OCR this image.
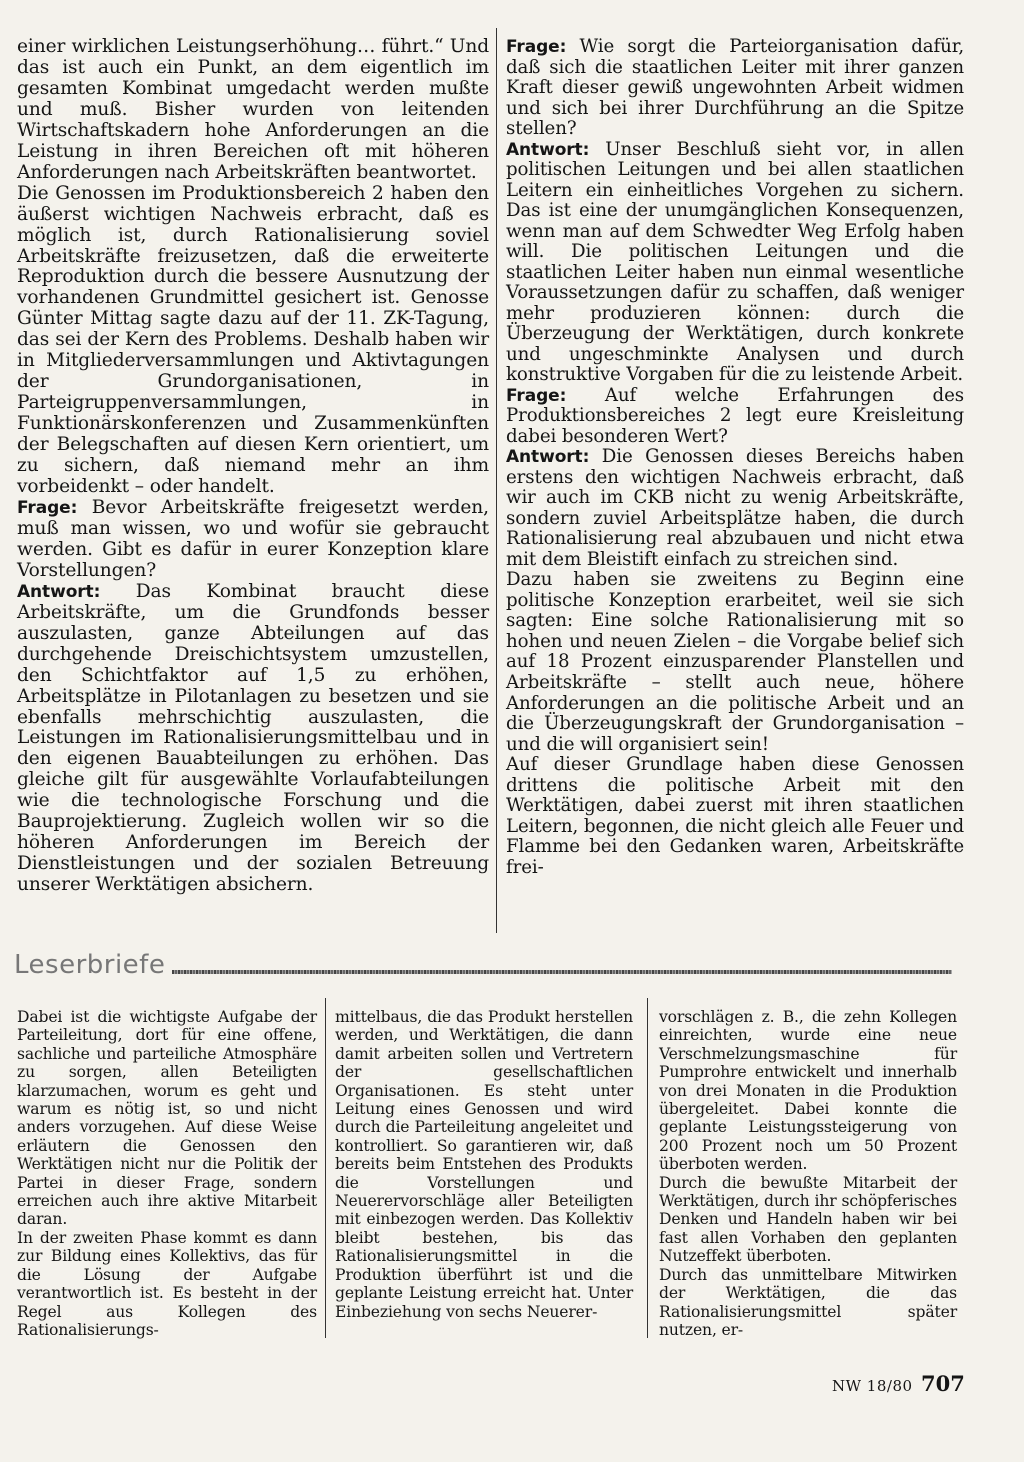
einer wirklichen Leistungserhöhung… führt.“ Und das ist auch ein Punkt, an dem eigentlich im gesamten Kombinat umgedacht werden mußte und muß. Bisher wurden von leitenden Wirtschaftskadern hohe Anforderungen an die Leistung in ihren Bereichen oft mit höheren Anforderungen nach Arbeitskräften beantwortet.

Die Genossen im Produktionsbereich 2 haben den äußerst wichtigen Nachweis erbracht, daß es möglich ist, durch Rationalisierung soviel Arbeitskräfte freizusetzen, daß die erweiterte Reproduktion durch die bessere Ausnutzung der vorhandenen Grundmittel gesichert ist. Genosse Günter Mittag sagte dazu auf der 11. ZK-Tagung, das sei der Kern des Problems. Deshalb haben wir in Mitgliederversammlungen und Aktivtagungen der Grundorganisationen, in Parteigruppenversammlungen, in Funktionärskonferenzen und Zusammenkünften der Belegschaften auf diesen Kern orientiert, um zu sichern, daß niemand mehr an ihm vorbeidenkt – oder handelt.

Frage: Bevor Arbeitskräfte freigesetzt werden, muß man wissen, wo und wofür sie gebraucht werden. Gibt es dafür in eurer Konzeption klare Vorstellungen?

Antwort: Das Kombinat braucht diese Arbeitskräfte, um die Grundfonds besser auszulasten, ganze Abteilungen auf das durchgehende Dreischichtsystem umzustellen, den Schichtfaktor auf 1,5 zu erhöhen, Arbeitsplätze in Pilotanlagen zu besetzen und sie ebenfalls mehrschichtig auszulasten, die Leistungen im Rationalisierungsmittelbau und in den eigenen Bauabteilungen zu erhöhen. Das gleiche gilt für ausgewählte Vorlaufabteilungen wie die technologische Forschung und die Bauprojektierung. Zugleich wollen wir so die höheren Anforderungen im Bereich der Dienstleistungen und der sozialen Betreuung unserer Werktätigen absichern.

Frage: Wie sorgt die Parteiorganisation dafür, daß sich die staatlichen Leiter mit ihrer ganzen Kraft dieser gewiß ungewohnten Arbeit widmen und sich bei ihrer Durchführung an die Spitze stellen?

Antwort: Unser Beschluß sieht vor, in allen politischen Leitungen und bei allen staatlichen Leitern ein einheitliches Vorgehen zu sichern. Das ist eine der unumgänglichen Konsequenzen, wenn man auf dem Schwedter Weg Erfolg haben will. Die politischen Leitungen und die staatlichen Leiter haben nun einmal wesentliche Voraussetzungen dafür zu schaffen, daß weniger mehr produzieren können: durch die Überzeugung der Werktätigen, durch konkrete und ungeschminkte Analysen und durch konstruktive Vorgaben für die zu leistende Arbeit.

Frage: Auf welche Erfahrungen des Produktionsbereiches 2 legt eure Kreisleitung dabei besonderen Wert?

Antwort: Die Genossen dieses Bereichs haben erstens den wichtigen Nachweis erbracht, daß wir auch im CKB nicht zu wenig Arbeitskräfte, sondern zuviel Arbeitsplätze haben, die durch Rationalisierung real abzubauen und nicht etwa mit dem Bleistift einfach zu streichen sind.

Dazu haben sie zweitens zu Beginn eine politische Konzeption erarbeitet, weil sie sich sagten: Eine solche Rationalisierung mit so hohen und neuen Zielen – die Vorgabe belief sich auf 18 Prozent einzusparender Planstellen und Arbeitskräfte – stellt auch neue, höhere Anforderungen an die politische Arbeit und an die Überzeugungskraft der Grundorganisation – und die will organisiert sein!

Auf dieser Grundlage haben diese Genossen drittens die politische Arbeit mit den Werktätigen, dabei zuerst mit ihren staatlichen Leitern, begonnen, die nicht gleich alle Feuer und Flamme bei den Gedanken waren, Arbeitskräfte frei-

Leserbriefe

Dabei ist die wichtigste Aufgabe der Parteileitung, dort für eine offene, sachliche und parteiliche Atmosphäre zu sorgen, allen Beteiligten klarzumachen, worum es geht und warum es nötig ist, so und nicht anders vorzugehen. Auf diese Weise erläutern die Genossen den Werktätigen nicht nur die Politik der Partei in dieser Frage, sondern erreichen auch ihre aktive Mitarbeit daran.

In der zweiten Phase kommt es dann zur Bildung eines Kollektivs, das für die Lösung der Aufgabe verantwortlich ist. Es besteht in der Regel aus Kollegen des Rationalisierungs-

mittelbaus, die das Produkt herstellen werden, und Werktätigen, die dann damit arbeiten sollen und Vertretern der gesellschaftlichen Organisationen. Es steht unter Leitung eines Genossen und wird durch die Parteileitung angeleitet und kontrolliert. So garantieren wir, daß bereits beim Entstehen des Produkts die Vorstellungen und Neuerervorschläge aller Beteiligten mit einbezogen werden. Das Kollektiv bleibt bestehen, bis das Rationalisierungsmittel in die Produktion überführt ist und die geplante Leistung erreicht hat. Unter Einbeziehung von sechs Neuerer-

vorschlägen z. B., die zehn Kollegen einreichten, wurde eine neue Verschmelzungsmaschine für Pumprohre entwickelt und innerhalb von drei Monaten in die Produktion übergeleitet. Dabei konnte die geplante Leistungssteigerung von 200 Prozent noch um 50 Prozent überboten werden.

Durch die bewußte Mitarbeit der Werktätigen, durch ihr schöpferisches Denken und Handeln haben wir bei fast allen Vorhaben den geplanten Nutzeffekt überboten.

Durch das unmittelbare Mitwirken der Werktätigen, die das Rationalisierungsmittel später nutzen, er-

NW 18/80 707
